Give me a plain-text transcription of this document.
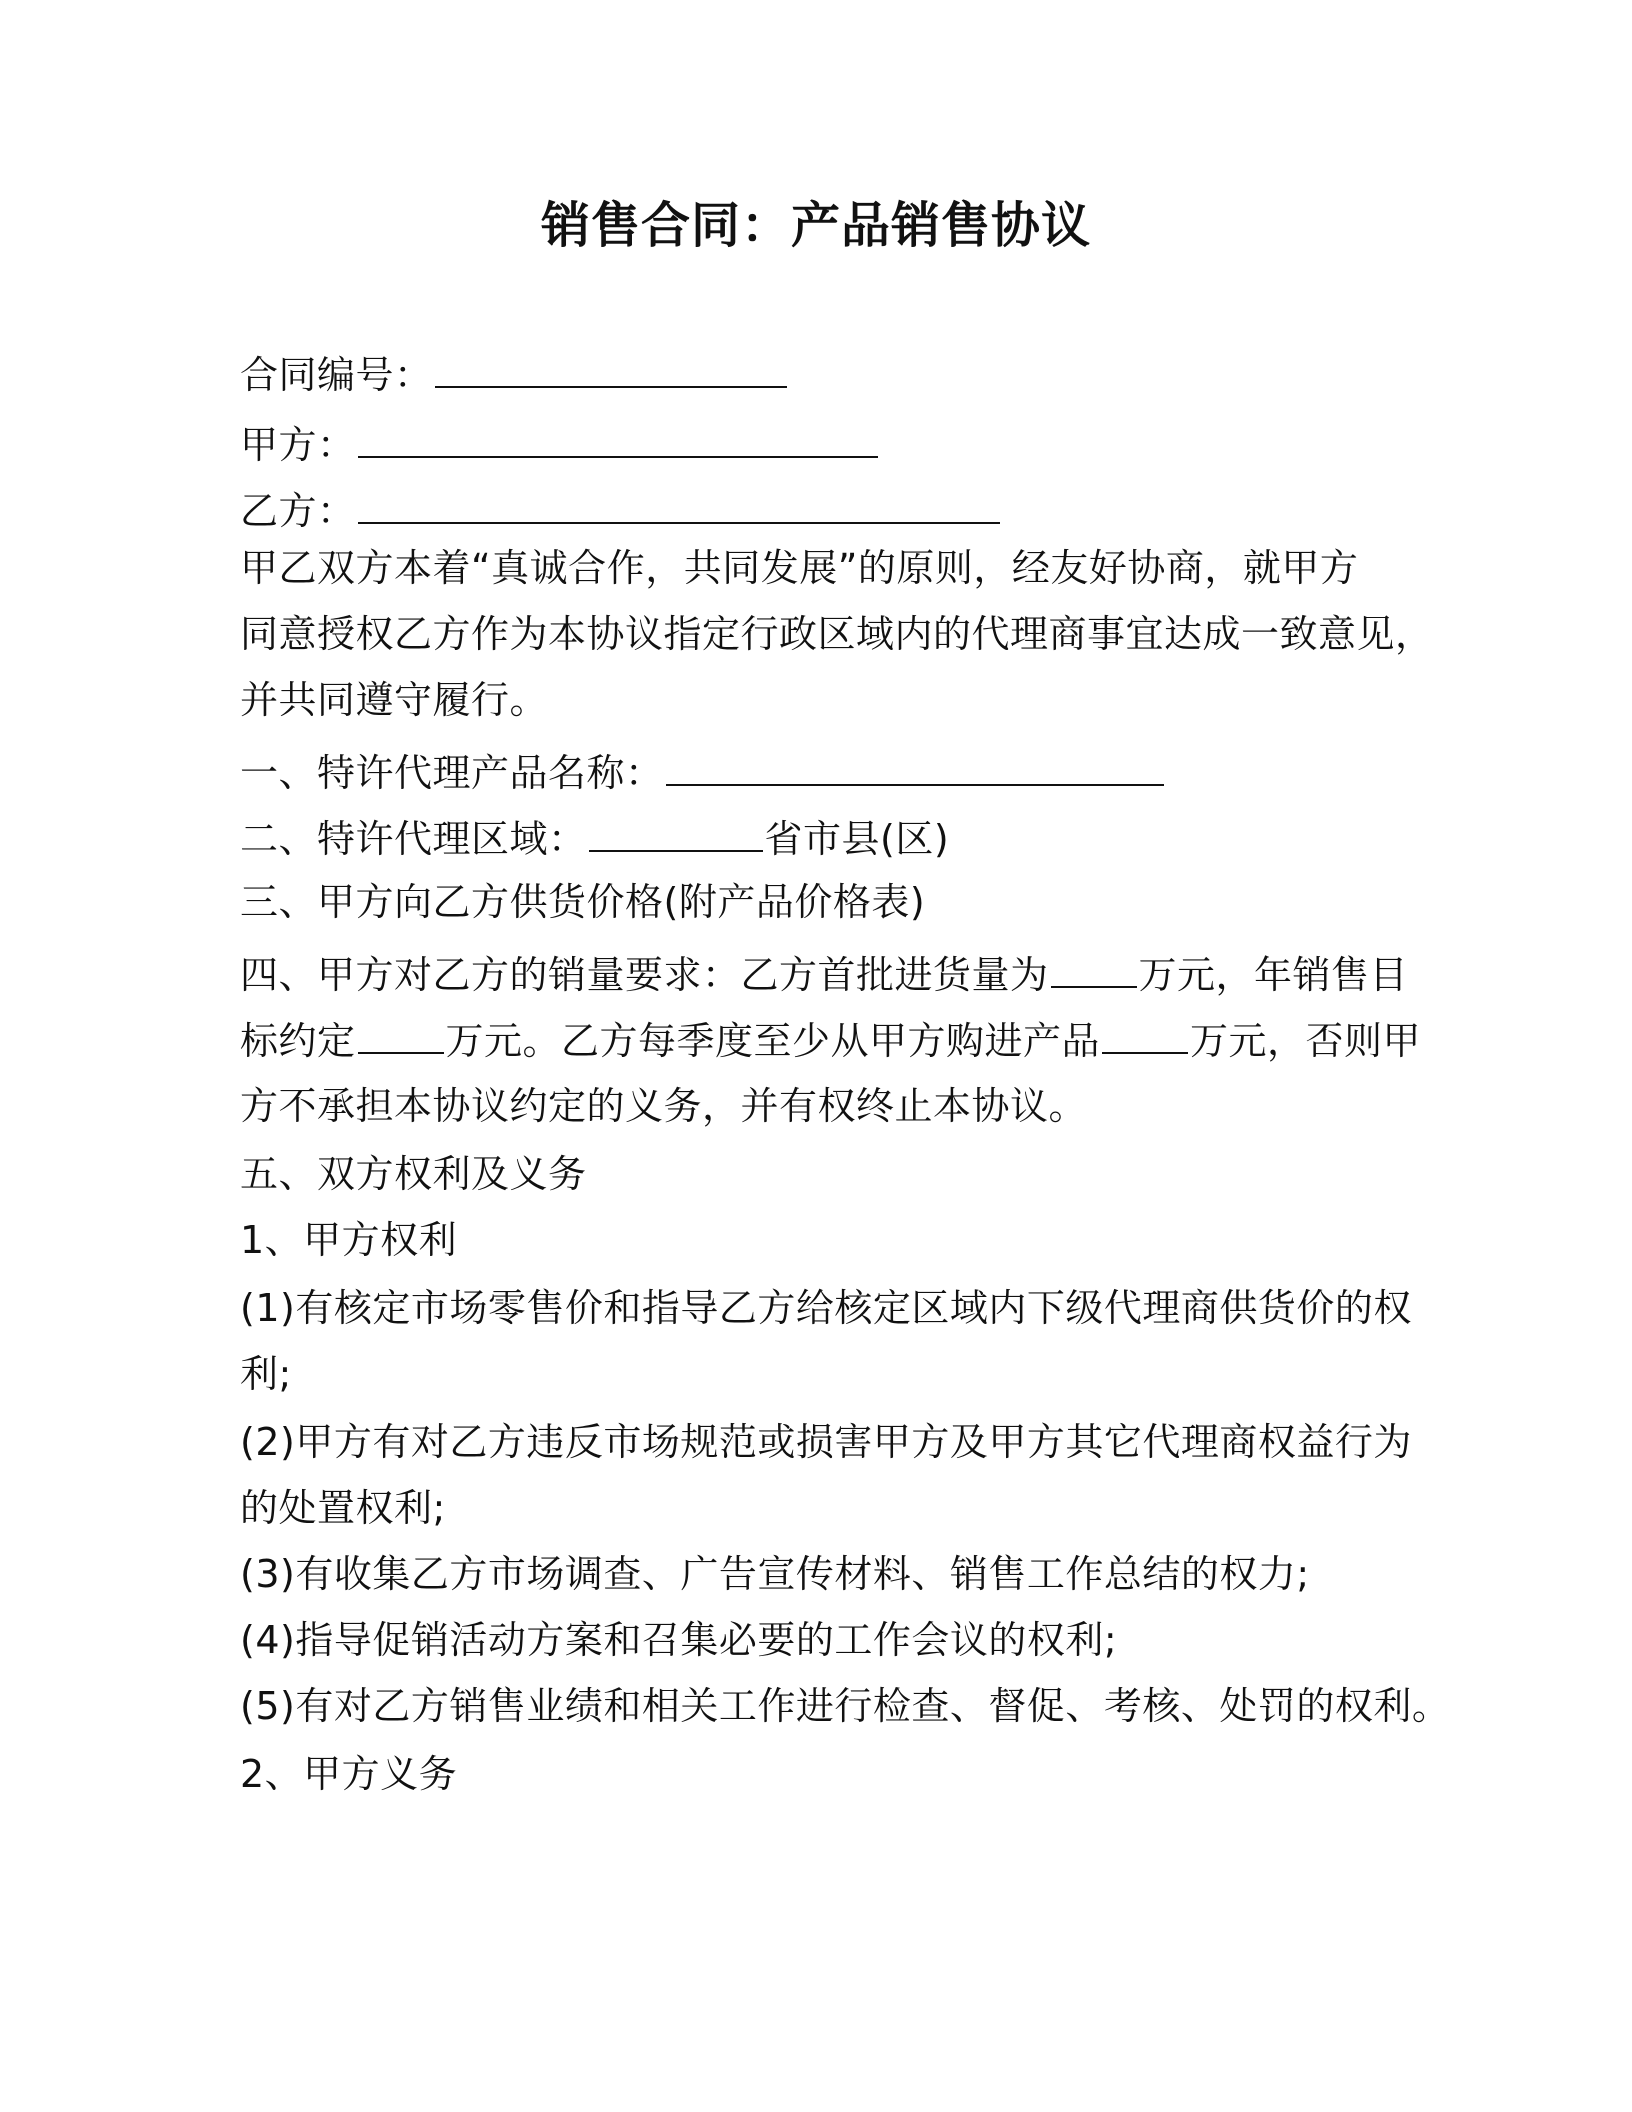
销售合同：产品销售协议
合同编号：
甲方：
乙方：
甲乙双方本着“真诚合作，共同发展”的原则，经友好协商，就甲方
同意授权乙方作为本协议指定行政区域内的代理商事宜达成一致意见，
并共同遵守履行。
一、特许代理产品名称：
二、特许代理区域：	省市县(区)
三、甲方向乙方供货价格(附产品价格表)
四、甲方对乙方的销量要求：乙方首批进货量为 万元，年销售目
标约定 万元。乙方每季度至少从甲方购进产品 万元，否则甲
方不承担本协议约定的义务，并有权终止本协议。
五、双方权利及义务
1、甲方权利
(1)有核定市场零售价和指导乙方给核定区域内下级代理商供货价的权
利;
(2)甲方有对乙方违反市场规范或损害甲方及甲方其它代理商权益行为
的处置权利;
(3)有收集乙方市场调查、广告宣传材料、销售工作总结的权力;
(4)指导促销活动方案和召集必要的工作会议的权利;
(5)有对乙方销售业绩和相关工作进行检查、督促、考核、处罚的权利。
2、甲方义务
